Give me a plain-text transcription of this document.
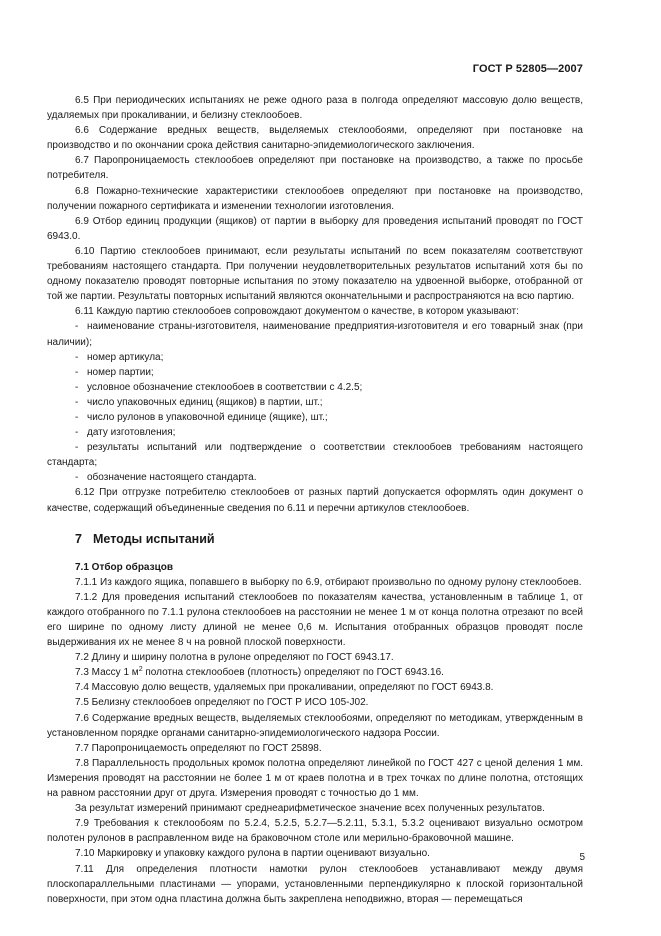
ГОСТ Р 52805—2007

6.5 При периодических испытаниях не реже одного раза в полгода определяют массовую долю веществ, удаляемых при прокаливании, и белизну стеклообоев.

6.6 Содержание вредных веществ, выделяемых стеклообоями, определяют при постановке на производство и по окончании срока действия санитарно-эпидемиологического заключения.

6.7 Паропроницаемость стеклообоев определяют при постановке на производство, а также по просьбе потребителя.

6.8 Пожарно-технические характеристики стеклообоев определяют при постановке на производство, получении пожарного сертификата и изменении технологии изготовления.

6.9 Отбор единиц продукции (ящиков) от партии в выборку для проведения испытаний проводят по ГОСТ 6943.0.

6.10 Партию стеклообоев принимают, если результаты испытаний по всем показателям соответствуют требованиям настоящего стандарта. При получении неудовлетворительных результатов испытаний хотя бы по одному показателю проводят повторные испытания по этому показателю на удвоенной выборке, отобранной от той же партии. Результаты повторных испытаний являются окончательными и распространяются на всю партию.

6.11 Каждую партию стеклообоев сопровождают документом о качестве, в котором указывают:

- наименование страны-изготовителя, наименование предприятия-изготовителя и его товарный знак (при наличии);

- номер артикула;

- номер партии;

- условное обозначение стеклообоев в соответствии с 4.2.5;

- число упаковочных единиц (ящиков) в партии, шт.;

- число рулонов в упаковочной единице (ящике), шт.;

- дату изготовления;

- результаты испытаний или подтверждение о соответствии стеклообоев требованиям настоящего стандарта;

- обозначение настоящего стандарта.

6.12 При отгрузке потребителю стеклообоев от разных партий допускается оформлять один документ о качестве, содержащий объединенные сведения по 6.11 и перечни артикулов стеклообоев.

7 Методы испытаний

7.1 Отбор образцов

7.1.1 Из каждого ящика, попавшего в выборку по 6.9, отбирают произвольно по одному рулону стеклообоев.

7.1.2 Для проведения испытаний стеклообоев по показателям качества, установленным в таблице 1, от каждого отобранного по 7.1.1 рулона стеклообоев на расстоянии не менее 1 м от конца полотна отрезают по всей его ширине по одному листу длиной не менее 0,6 м. Испытания отобранных образцов проводят после выдерживания их не менее 8 ч на ровной плоской поверхности.

7.2 Длину и ширину полотна в рулоне определяют по ГОСТ 6943.17.

7.3 Массу 1 $м^2$ полотна стеклообоев (плотность) определяют по ГОСТ 6943.16.

7.4 Массовую долю веществ, удаляемых при прокаливании, определяют по ГОСТ 6943.8.

7.5 Белизну стеклообоев определяют по ГОСТ Р ИСО 105-J02.

7.6 Содержание вредных веществ, выделяемых стеклообоями, определяют по методикам, утвержденным в установленном порядке органами санитарно-эпидемиологического надзора России.

7.7 Паропроницаемость определяют по ГОСТ 25898.

7.8 Параллельность продольных кромок полотна определяют линейкой по ГОСТ 427 с ценой деления 1 мм. Измерения проводят на расстоянии не более 1 м от краев полотна и в трех точках по длине полотна, отстоящих на равном расстоянии друг от друга. Измерения проводят с точностью до 1 мм.

За результат измерений принимают среднеарифметическое значение всех полученных результатов.

7.9 Требования к стеклообоям по 5.2.4, 5.2.5, 5.2.7—5.2.11, 5.3.1, 5.3.2 оценивают визуально осмотром полотен рулонов в расправленном виде на браковочном столе или мерильно-браковочной машине.

7.10 Маркировку и упаковку каждого рулона в партии оценивают визуально.

7.11 Для определения плотности намотки рулон стеклообоев устанавливают между двумя плоскопараллельными пластинами — упорами, установленными перпендикулярно к плоской горизонтальной поверхности, при этом одна пластина должна быть закреплена неподвижно, вторая — перемещаться

5
